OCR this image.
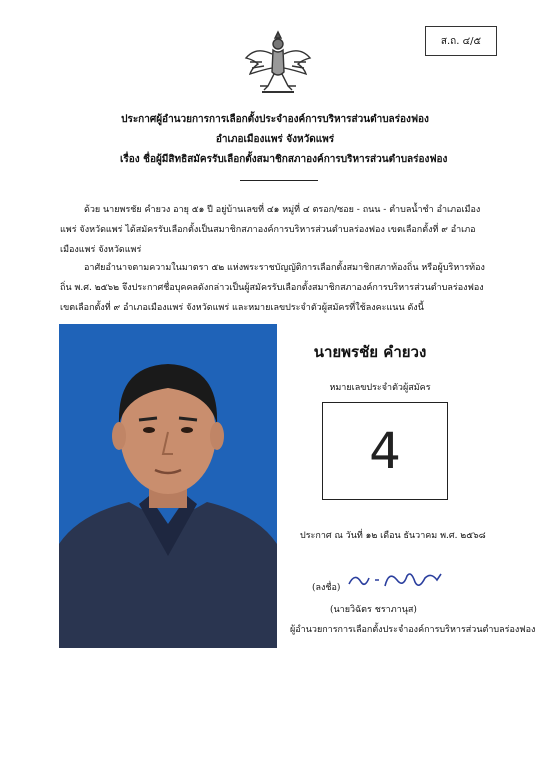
ส.ถ. ๔/๕
ประกาศผู้อำนวยการการเลือกตั้งประจำองค์การบริหารส่วนตำบลร่องฟอง
อำเภอเมืองแพร่ จังหวัดแพร่
เรื่อง ชื่อผู้มีสิทธิสมัครรับเลือกตั้งสมาชิกสภาองค์การบริหารส่วนตำบลร่องฟอง
ด้วย นายพรชัย คำยวง อายุ ๕๑ ปี อยู่บ้านเลขที่ ๔๑ หมู่ที่ ๔ ตรอก/ซอย - ถนน - ตำบลน้ำชำ อำเภอเมืองแพร่ จังหวัดแพร่ ได้สมัครรับเลือกตั้งเป็นสมาชิกสภาองค์การบริหารส่วนตำบลร่องฟอง เขตเลือกตั้งที่ ๙ อำเภอเมืองแพร่ จังหวัดแพร่
อาศัยอำนาจตามความในมาตรา ๕๒ แห่งพระราชบัญญัติการเลือกตั้งสมาชิกสภาท้องถิ่น หรือผู้บริหารท้องถิ่น พ.ศ. ๒๕๖๒ จึงประกาศชื่อบุคคลดังกล่าวเป็นผู้สมัครรับเลือกตั้งสมาชิกสภาองค์การบริหารส่วนตำบลร่องฟอง เขตเลือกตั้งที่ ๙ อำเภอเมืองแพร่ จังหวัดแพร่ และหมายเลขประจำตัวผู้สมัครที่ใช้ลงคะแนน ดังนี้
นายพรชัย คำยวง
หมายเลขประจำตัวผู้สมัคร
4
ประกาศ ณ วันที่ ๑๒ เดือน ธันวาคม พ.ศ. ๒๕๖๘
(ลงชื่อ)
(นายวิฉัตร ชราภานุส)
ผู้อำนวยการการเลือกตั้งประจำองค์การบริหารส่วนตำบลร่องฟอง
